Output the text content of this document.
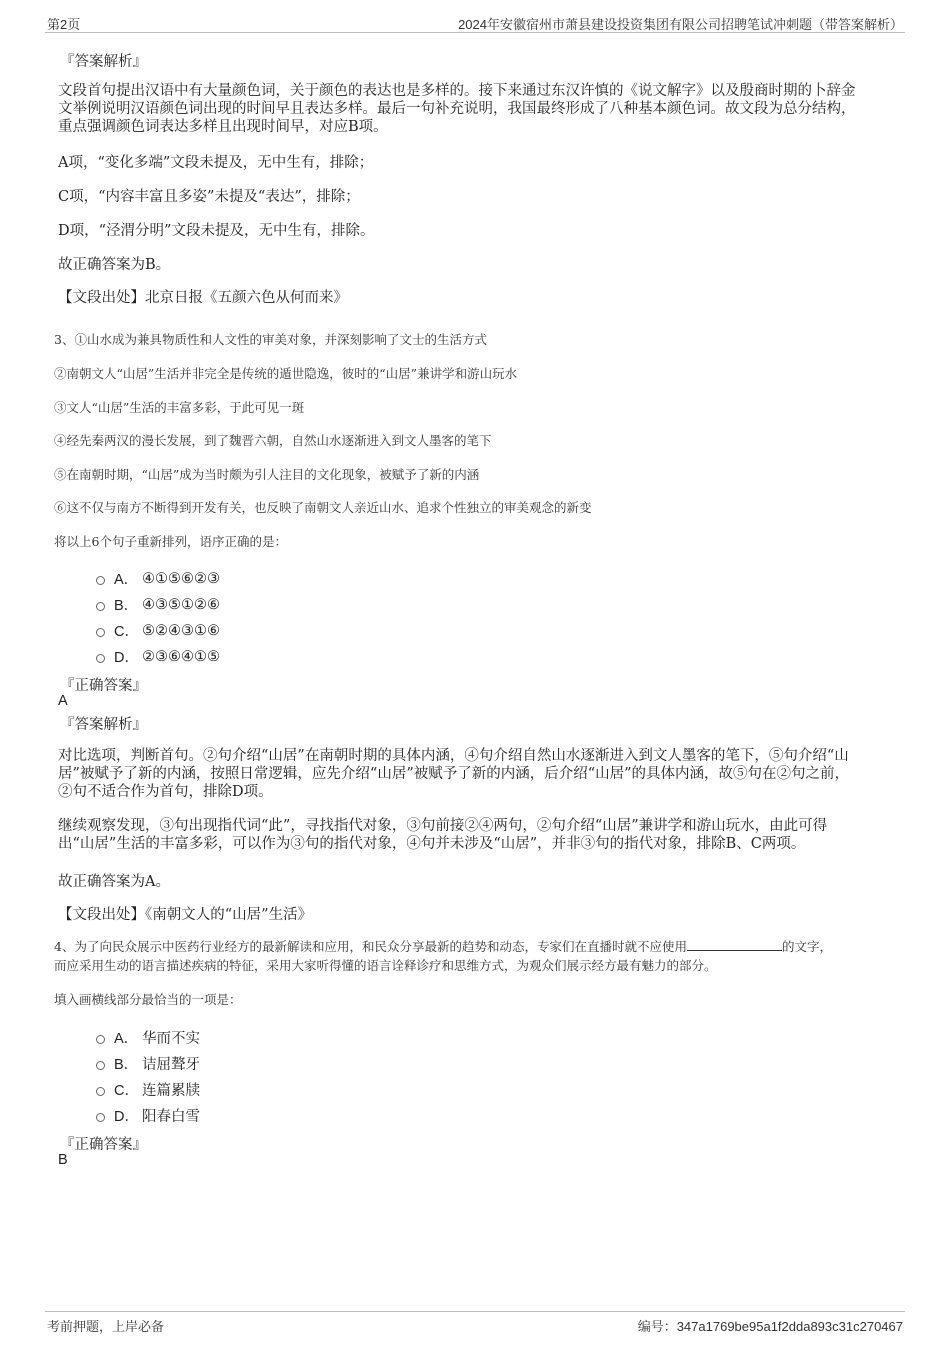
第2页	2024年安徽宿州市萧县建设投资集团有限公司招聘笔试冲刺题（带答案解析）
『答案解析』
文段首句提出汉语中有大量颜色词，关于颜色的表达也是多样的。接下来通过东汉许慎的《说文解字》以及殷商时期的卜辞金文举例说明汉语颜色词出现的时间早且表达多样。最后一句补充说明，我国最终形成了八种基本颜色词。故文段为总分结构，重点强调颜色词表达多样且出现时间早，对应B项。
A项，“变化多端”文段未提及，无中生有，排除；
C项，“内容丰富且多姿”未提及“表达”，排除；
D项，“泾渭分明”文段未提及，无中生有，排除。
故正确答案为B。
【文段出处】北京日报《五颜六色从何而来》
3、①山水成为兼具物质性和人文性的审美对象，并深刻影响了文士的生活方式
②南朝文人“山居”生活并非完全是传统的遁世隐逸，彼时的“山居”兼讲学和游山玩水
③文人“山居”生活的丰富多彩，于此可见一斑
④经先秦两汉的漫长发展，到了魏晋六朝，自然山水逐渐进入到文人墨客的笔下
⑤在南朝时期，“山居”成为当时颇为引人注目的文化现象，被赋予了新的内涵
⑥这不仅与南方不断得到开发有关，也反映了南朝文人亲近山水、追求个性独立的审美观念的新变
将以上6个句子重新排列，语序正确的是：
A． ④①⑤⑥②③
B． ④③⑤①②⑥
C． ⑤②④③①⑥
D． ②③⑥④①⑤
『正确答案』
A
『答案解析』
对比选项，判断首句。②句介绍“山居”在南朝时期的具体内涵，④句介绍自然山水逐渐进入到文人墨客的笔下，⑤句介绍“山居”被赋予了新的内涵，按照日常逻辑，应先介绍“山居”被赋予了新的内涵，后介绍“山居”的具体内涵，故⑤句在②句之前，②句不适合作为首句，排除D项。
继续观察发现，③句出现指代词“此”，寻找指代对象，③句前接②④两句，②句介绍“山居”兼讲学和游山玩水，由此可得出“山居”生活的丰富多彩，可以作为③句的指代对象，④句并未涉及“山居”，并非③句的指代对象，排除B、C两项。
故正确答案为A。
【文段出处】《南朝文人的“山居”生活》
4、为了向民众展示中医药行业经方的最新解读和应用，和民众分享最新的趋势和动态，专家们在直播时就不应使用	的文字，
而应采用生动的语言描述疾病的特征，采用大家听得懂的语言诠释诊疗和思维方式，为观众们展示经方最有魅力的部分。
填入画横线部分最恰当的一项是：
A． 华而不实
B． 诘屈聱牙
C． 连篇累牍
D． 阳春白雪
『正确答案』
B
考前押题，上岸必备	编号：347a1769be95a1f2dda893c31c270467
